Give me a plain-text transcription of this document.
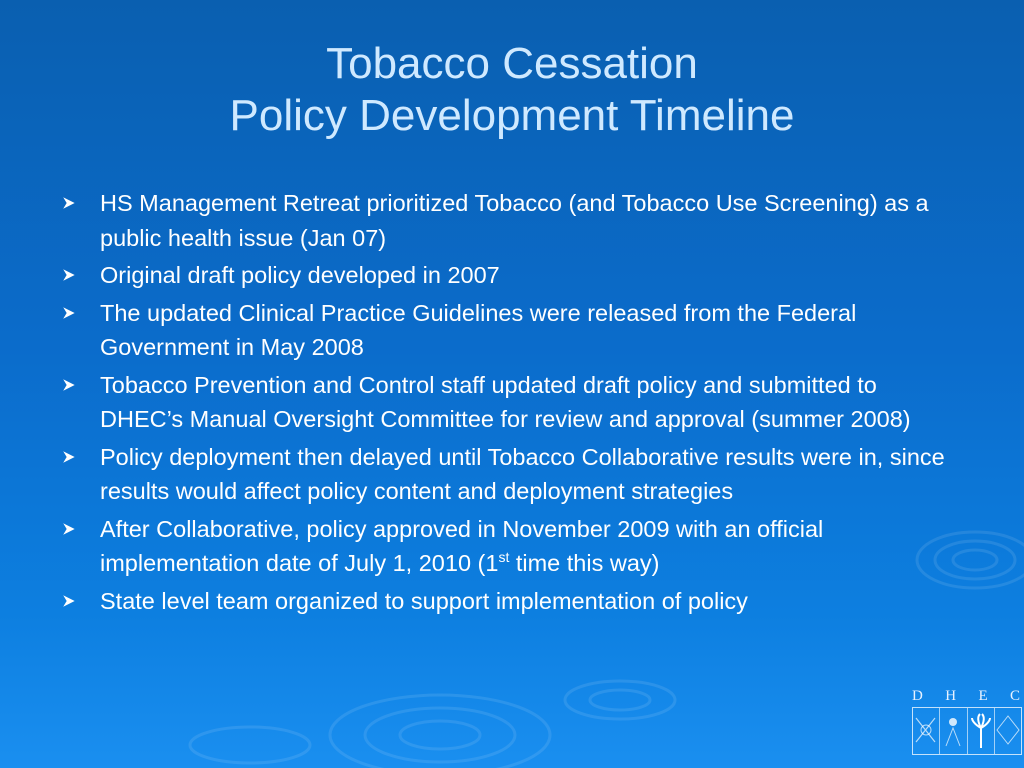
Tobacco Cessation
Policy Development Timeline
HS Management Retreat prioritized Tobacco (and Tobacco Use Screening) as a public health issue (Jan 07)
Original draft policy developed in 2007
The updated Clinical Practice Guidelines were released from the Federal Government in May 2008
Tobacco Prevention and Control staff updated draft policy and submitted to DHEC’s Manual Oversight Committee for review and approval (summer 2008)
Policy deployment then delayed until Tobacco Collaborative results were in, since results would affect policy content and deployment strategies
After Collaborative, policy approved in November 2009 with an official implementation date of July 1, 2010 (1st time this way)
State level team organized to support implementation of policy
D H E C
